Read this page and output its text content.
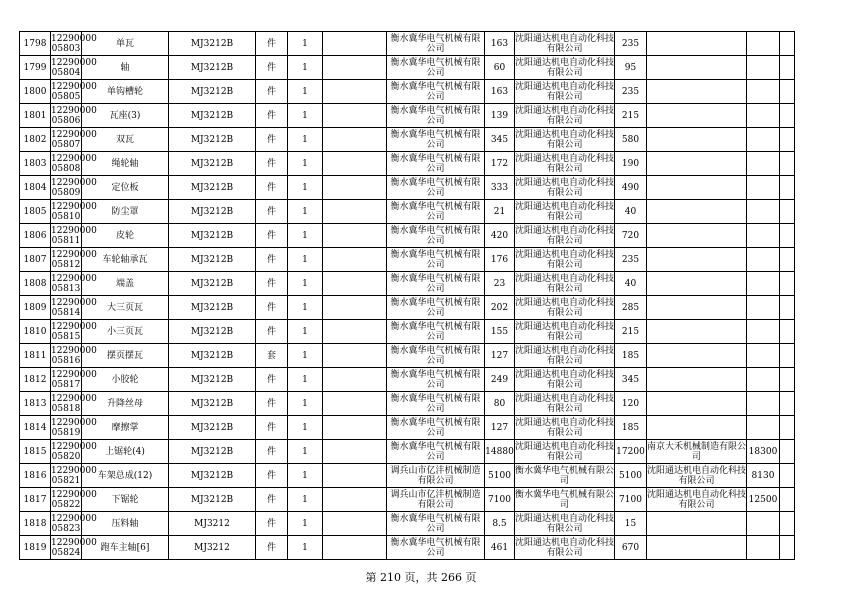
1798	12290000 05803	单瓦	MJ3212B	件	1		衡水冀华电气机械有限公司	163	沈阳通达机电自动化科技有限公司	235			
1799	12290000 05804	轴	MJ3212B	件	1		衡水冀华电气机械有限公司	60	沈阳通达机电自动化科技有限公司	95			
1800	12290000 05805	单钩槽轮	MJ3212B	件	1		衡水冀华电气机械有限公司	163	沈阳通达机电自动化科技有限公司	235			
1801	12290000 05806	瓦座(3)	MJ3212B	件	1		衡水冀华电气机械有限公司	139	沈阳通达机电自动化科技有限公司	215			
1802	12290000 05807	双瓦	MJ3212B	件	1		衡水冀华电气机械有限公司	345	沈阳通达机电自动化科技有限公司	580			
1803	12290000 05808	绳轮轴	MJ3212B	件	1		衡水冀华电气机械有限公司	172	沈阳通达机电自动化科技有限公司	190			
1804	12290000 05809	定位板	MJ3212B	件	1		衡水冀华电气机械有限公司	333	沈阳通达机电自动化科技有限公司	490			
1805	12290000 05810	防尘罩	MJ3212B	件	1		衡水冀华电气机械有限公司	21	沈阳通达机电自动化科技有限公司	40			
1806	12290000 05811	皮轮	MJ3212B	件	1		衡水冀华电气机械有限公司	420	沈阳通达机电自动化科技有限公司	720			
1807	12290000 05812	车轮轴承瓦	MJ3212B	件	1		衡水冀华电气机械有限公司	176	沈阳通达机电自动化科技有限公司	235			
1808	12290000 05813	端盖	MJ3212B	件	1		衡水冀华电气机械有限公司	23	沈阳通达机电自动化科技有限公司	40			
1809	12290000 05814	大三页瓦	MJ3212B	件	1		衡水冀华电气机械有限公司	202	沈阳通达机电自动化科技有限公司	285			
1810	12290000 05815	小三页瓦	MJ3212B	件	1		衡水冀华电气机械有限公司	155	沈阳通达机电自动化科技有限公司	215			
1811	12290000 05816	摆页摆瓦	MJ3212B	套	1		衡水冀华电气机械有限公司	127	沈阳通达机电自动化科技有限公司	185			
1812	12290000 05817	小胶轮	MJ3212B	件	1		衡水冀华电气机械有限公司	249	沈阳通达机电自动化科技有限公司	345			
1813	12290000 05818	升降丝母	MJ3212B	件	1		衡水冀华电气机械有限公司	80	沈阳通达机电自动化科技有限公司	120			
1814	12290000 05819	摩擦掌	MJ3212B	件	1		衡水冀华电气机械有限公司	127	沈阳通达机电自动化科技有限公司	185			
1815	12290000 05820	上锯轮(4)	MJ3212B	件	1		衡水冀华电气机械有限公司	14880	沈阳通达机电自动化科技有限公司	17200	南京大禾机械制造有限公司	18300	
1816	12290000 05821	车架总成(12)	MJ3212B	件	1		调兵山市亿沣机械制造有限公司	5100	衡水冀华电气机械有限公司	5100	沈阳通达机电自动化科技有限公司	8130	
1817	12290000 05822	下锯轮	MJ3212B	件	1		调兵山市亿沣机械制造有限公司	7100	衡水冀华电气机械有限公司	7100	沈阳通达机电自动化科技有限公司	12500	
1818	12290000 05823	压料轴	MJ3212	件	1		衡水冀华电气机械有限公司	8.5	沈阳通达机电自动化科技有限公司	15			
1819	12290000 05824	跑车主轴[6]	MJ3212	件	1		衡水冀华电气机械有限公司	461	沈阳通达机电自动化科技有限公司	670			
第 210 页，共 266 页
